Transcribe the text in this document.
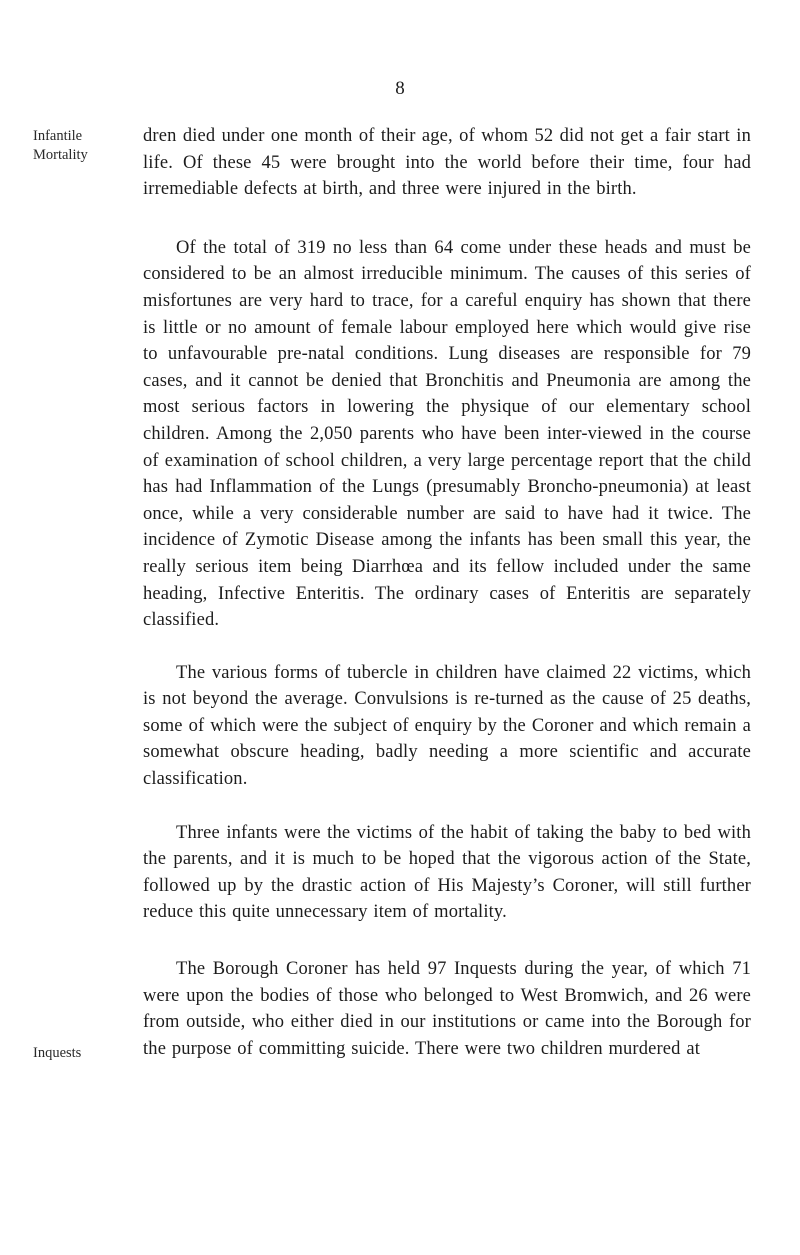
8
Infantile
Mortality
Inquests

dren died under one month of their age, of whom 52 did not get a fair start in life. Of these 45 were brought into the world before their time, four had irremediable defects at birth, and three were injured in the birth.

Of the total of 319 no less than 64 come under these heads and must be considered to be an almost irreducible minimum. The causes of this series of misfortunes are very hard to trace, for a careful enquiry has shown that there is little or no amount of female labour employed here which would give rise to unfavourable pre-natal conditions. Lung diseases are responsible for 79 cases, and it cannot be denied that Bronchitis and Pneumonia are among the most serious factors in lowering the physique of our elementary school children. Among the 2,050 parents who have been inter-viewed in the course of examination of school children, a very large percentage report that the child has had Inflammation of the Lungs (presumably Broncho-pneumonia) at least once, while a very considerable number are said to have had it twice. The incidence of Zymotic Disease among the infants has been small this year, the really serious item being Diarrhœa and its fellow included under the same heading, Infective Enteritis. The ordinary cases of Enteritis are separately classified.

The various forms of tubercle in children have claimed 22 victims, which is not beyond the average. Convulsions is re-turned as the cause of 25 deaths, some of which were the subject of enquiry by the Coroner and which remain a somewhat obscure heading, badly needing a more scientific and accurate classification.

Three infants were the victims of the habit of taking the baby to bed with the parents, and it is much to be hoped that the vigorous action of the State, followed up by the drastic action of His Majesty’s Coroner, will still further reduce this quite unnecessary item of mortality.

The Borough Coroner has held 97 Inquests during the year, of which 71 were upon the bodies of those who belonged to West Bromwich, and 26 were from outside, who either died in our institutions or came into the Borough for the purpose of committing suicide. There were two children murdered at
